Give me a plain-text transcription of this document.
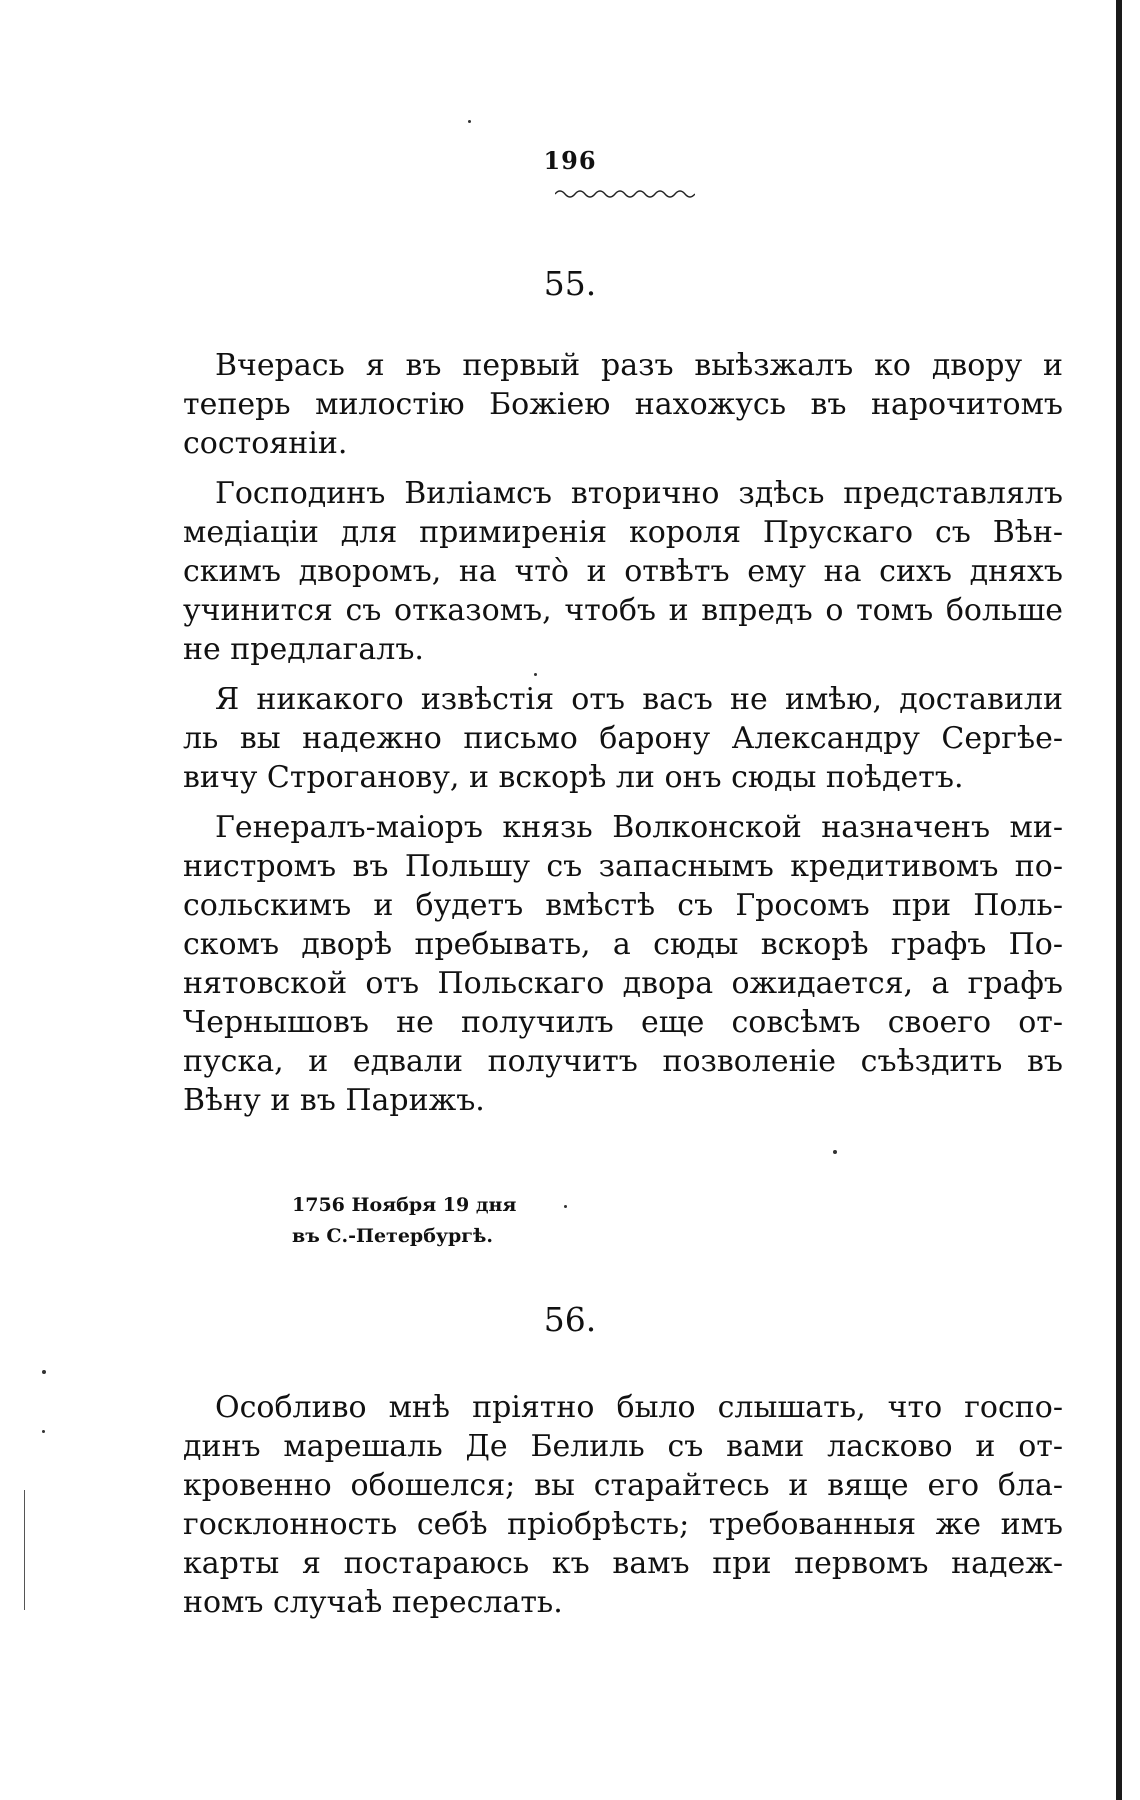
196
55.
Вчерась я въ первый разъ выѣзжалъ ко двору и
теперь милостію Божіею нахожусь въ нарочитомъ
состояніи.
Господинъ Виліамсъ вторично здѣсь представлялъ
медіаціи для примиренія короля Прускаго съ Вѣн-
скимъ дворомъ, на что̀ и отвѣтъ ему на сихъ дняхъ
учинится съ отказомъ, чтобъ и впредъ о томъ больше
не предлагалъ.
Я никакого извѣстія отъ васъ не имѣю, доставили
ль вы надежно письмо барону Александру Сергѣе-
вичу Строганову, и вскорѣ ли онъ сюды поѣдетъ.
Генералъ-маіоръ князь Волконской назначенъ ми-
нистромъ въ Польшу съ запаснымъ кредитивомъ по-
сольскимъ и будетъ вмѣстѣ съ Гросомъ при Поль-
скомъ дворѣ пребывать, а сюды вскорѣ графъ По-
нятовской отъ Польскаго двора ожидается, а графъ
Чернышовъ не получилъ еще совсѣмъ своего от-
пуска, и едвали получитъ позволеніе съѣздить въ
Вѣну и въ Парижъ.
1756 Ноября 19 дня
въ С.-Петербургѣ.
56.
Особливо мнѣ пріятно было слышать, что госпо-
динъ марешаль Де Белиль съ вами ласково и от-
кровенно обошелся; вы старайтесь и вяще его бла-
госклонность себѣ пріобрѣсть; требованныя же имъ
карты я постараюсь къ вамъ при первомъ надеж-
номъ случаѣ переслать.
